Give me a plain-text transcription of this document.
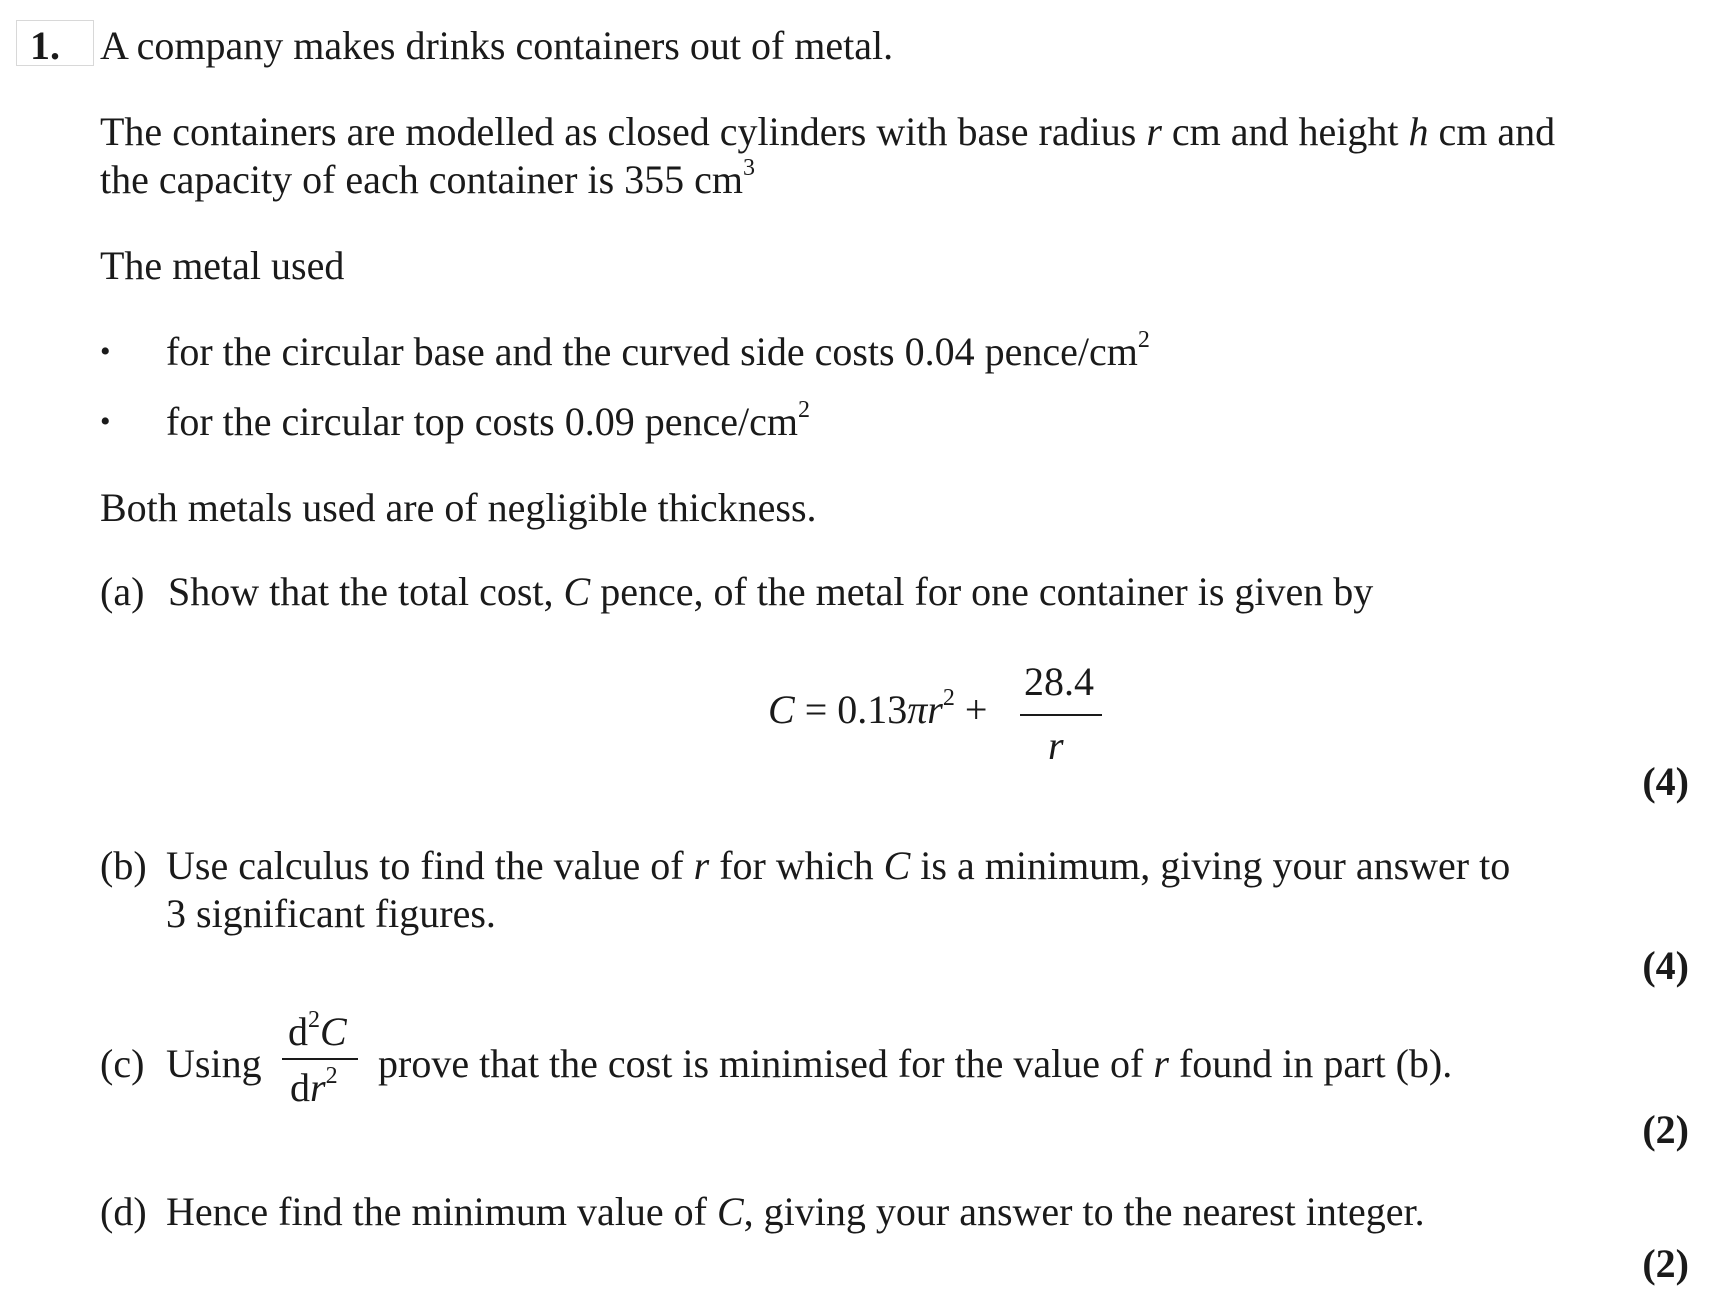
1. A company makes drinks containers out of metal.
The containers are modelled as closed cylinders with base radius r cm and height h cm and
the capacity of each container is 355 $cm^3$
The metal used
• for the circular base and the curved side costs 0.04 pence/$cm^2$
• for the circular top costs 0.09 pence/$cm^2$
Both metals used are of negligible thickness.
(a) Show that the total cost, C pence, of the metal for one container is given by
$C = 0.13\pi r^2$ +
28.4
r
(4)
(b) Use calculus to find the value of r for which C is a minimum, giving your answer to
3 significant figures.
(4)
(c) Using
$d^2C$
$dr^2$ prove that the cost is minimised for the value of r found in part (b).
(2)
(d) Hence find the minimum value of C, giving your answer to the nearest integer.
(2)
